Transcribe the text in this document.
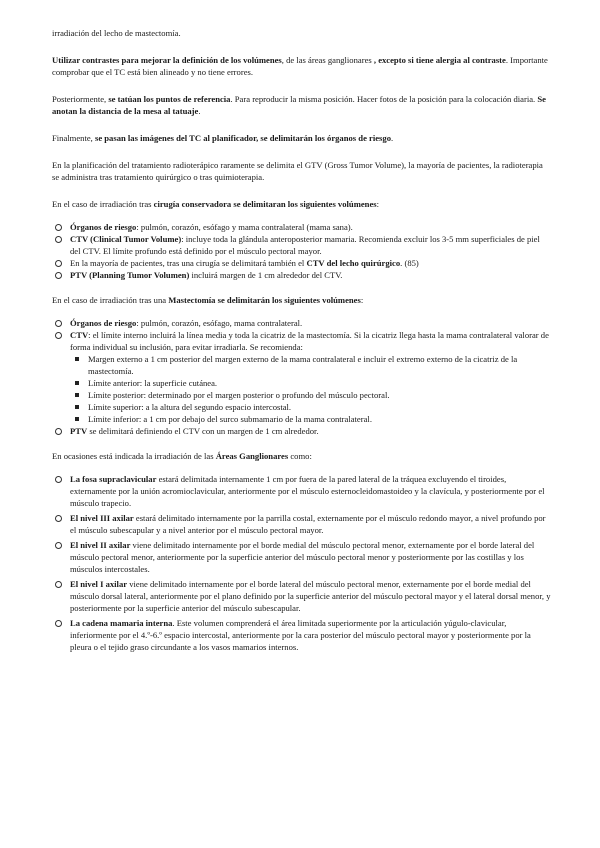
irradiación del lecho de mastectomía.

Utilizar contrastes para mejorar la definición de los volúmenes, de las áreas ganglionares , excepto si tiene alergia al contraste. Importante comprobar que el TC está bien alineado y no tiene errores.

Posteriormente, se tatúan los puntos de referencia. Para reproducir la misma posición. Hacer fotos de la posición para la colocación diaria. Se anotan la distancia de la mesa al tatuaje.

Finalmente, se pasan las imágenes del TC al planificador, se delimitarán los órganos de riesgo.

En la planificación del tratamiento radioterápico raramente se delimita el GTV (Gross Tumor Volume), la mayoría de pacientes, la radioterapia se administra tras tratamiento quirúrgico o tras quimioterapia.

En el caso de irradiación tras cirugía conservadora se delimitaran los siguientes volúmenes:

Órganos de riesgo: pulmón, corazón, esófago y mama contralateral (mama sana).
CTV (Clinical Tumor Volume): incluye toda la glándula anteroposterior mamaria. Recomienda excluir los 3-5 mm superficiales de piel del CTV. El límite profundo está definido por el músculo pectoral mayor.
En la mayoría de pacientes, tras una cirugía se delimitará también el CTV del lecho quirúrgico. (85)
PTV (Planning Tumor Volumen) incluirá margen de 1 cm alrededor del CTV.

En el caso de irradiación tras una Mastectomía se delimitarán los siguientes volúmenes:

Órganos de riesgo: pulmón, corazón, esófago, mama contralateral.
CTV: el límite interno incluirá la línea media y toda la cicatriz de la mastectomía. Si la cicatriz llega hasta la mama contralateral valorar de forma individual su inclusión, para evitar irradiarla. Se recomienda:
Margen externo a 1 cm posterior del margen externo de la mama contralateral e incluir el extremo externo de la cicatriz de la mastectomía.
Límite anterior: la superficie cutánea.
Límite posterior: determinado por el margen posterior o profundo del músculo pectoral.
Límite superior: a la altura del segundo espacio intercostal.
Límite inferior: a 1 cm por debajo del surco submamario de la mama contralateral.
PTV se delimitará definiendo el CTV con un margen de 1 cm alrededor.

En ocasiones está indicada la irradiación de las Áreas Ganglionares como:

La fosa supraclavicular estará delimitada internamente 1 cm por fuera de la pared lateral de la tráquea excluyendo el tiroides, externamente por la unión acromioclavicular, anteriormente por el músculo esternocleidomastoideo y la clavícula, y posteriormente por el músculo trapecio.
El nivel III axilar estará delimitado internamente por la parrilla costal, externamente por el músculo redondo mayor, a nivel profundo por el músculo subescapular y a nivel anterior por el músculo pectoral mayor.
El nivel II axilar viene delimitado internamente por el borde medial del músculo pectoral menor, externamente por el borde lateral del músculo pectoral menor, anteriormente por la superficie anterior del músculo pectoral menor y posteriormente por las costillas y los músculos intercostales.
El nivel I axilar viene delimitado internamente por el borde lateral del músculo pectoral menor, externamente por el borde medial del músculo dorsal lateral, anteriormente por el plano definido por la superficie anterior del músculo pectoral mayor y el lateral dorsal menor, y posteriormente por la superficie anterior del músculo subescapular.
La cadena mamaria interna. Este volumen comprenderá el área limitada superiormente por la articulación yúgulo-clavicular, inferiormente por el 4.º-6.º espacio intercostal, anteriormente por la cara posterior del músculo pectoral mayor y posteriormente por la pleura o el tejido graso circundante a los vasos mamarios internos.
